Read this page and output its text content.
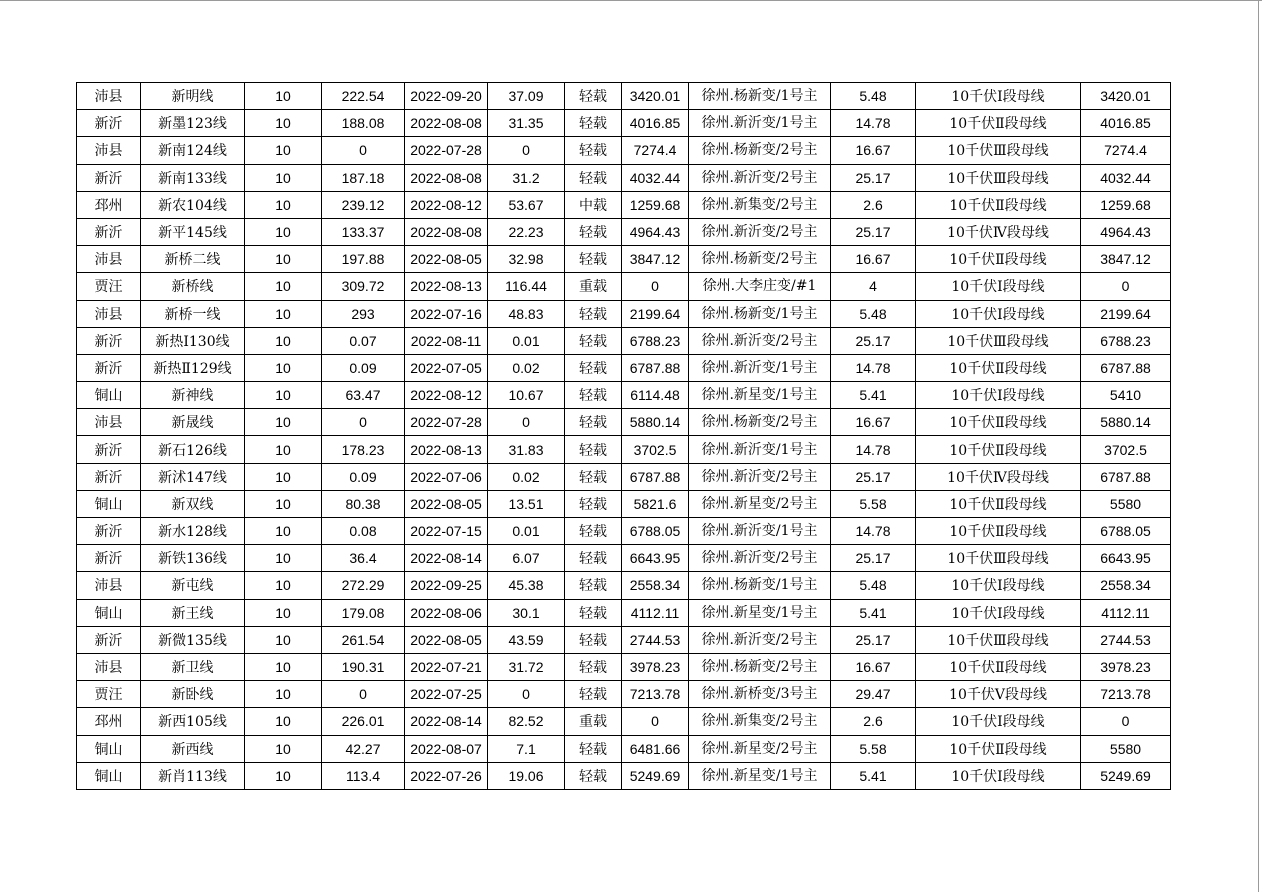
沛县	新明线	10	222.54	2022-09-20	37.09	轻载	3420.01	徐州.杨新变/1号主	5.48	10千伏Ⅰ段母线	3420.01
新沂	新墨123线	10	188.08	2022-08-08	31.35	轻载	4016.85	徐州.新沂变/1号主	14.78	10千伏Ⅱ段母线	4016.85
沛县	新南124线	10	0	2022-07-28	0	轻载	7274.4	徐州.杨新变/2号主	16.67	10千伏Ⅲ段母线	7274.4
新沂	新南133线	10	187.18	2022-08-08	31.2	轻载	4032.44	徐州.新沂变/2号主	25.17	10千伏Ⅲ段母线	4032.44
邳州	新农104线	10	239.12	2022-08-12	53.67	中载	1259.68	徐州.新集变/2号主	2.6	10千伏Ⅱ段母线	1259.68
新沂	新平145线	10	133.37	2022-08-08	22.23	轻载	4964.43	徐州.新沂变/2号主	25.17	10千伏Ⅳ段母线	4964.43
沛县	新桥二线	10	197.88	2022-08-05	32.98	轻载	3847.12	徐州.杨新变/2号主	16.67	10千伏Ⅱ段母线	3847.12
贾汪	新桥线	10	309.72	2022-08-13	116.44	重载	0	徐州.大李庄变/#1	4	10千伏Ⅰ段母线	0
沛县	新桥一线	10	293	2022-07-16	48.83	轻载	2199.64	徐州.杨新变/1号主	5.48	10千伏Ⅰ段母线	2199.64
新沂	新热Ⅰ130线	10	0.07	2022-08-11	0.01	轻载	6788.23	徐州.新沂变/2号主	25.17	10千伏Ⅲ段母线	6788.23
新沂	新热Ⅱ129线	10	0.09	2022-07-05	0.02	轻载	6787.88	徐州.新沂变/1号主	14.78	10千伏Ⅱ段母线	6787.88
铜山	新神线	10	63.47	2022-08-12	10.67	轻载	6114.48	徐州.新星变/1号主	5.41	10千伏Ⅰ段母线	5410
沛县	新晟线	10	0	2022-07-28	0	轻载	5880.14	徐州.杨新变/2号主	16.67	10千伏Ⅱ段母线	5880.14
新沂	新石126线	10	178.23	2022-08-13	31.83	轻载	3702.5	徐州.新沂变/1号主	14.78	10千伏Ⅱ段母线	3702.5
新沂	新沭147线	10	0.09	2022-07-06	0.02	轻载	6787.88	徐州.新沂变/2号主	25.17	10千伏Ⅳ段母线	6787.88
铜山	新双线	10	80.38	2022-08-05	13.51	轻载	5821.6	徐州.新星变/2号主	5.58	10千伏Ⅱ段母线	5580
新沂	新水128线	10	0.08	2022-07-15	0.01	轻载	6788.05	徐州.新沂变/1号主	14.78	10千伏Ⅱ段母线	6788.05
新沂	新铁136线	10	36.4	2022-08-14	6.07	轻载	6643.95	徐州.新沂变/2号主	25.17	10千伏Ⅲ段母线	6643.95
沛县	新屯线	10	272.29	2022-09-25	45.38	轻载	2558.34	徐州.杨新变/1号主	5.48	10千伏Ⅰ段母线	2558.34
铜山	新王线	10	179.08	2022-08-06	30.1	轻载	4112.11	徐州.新星变/1号主	5.41	10千伏Ⅰ段母线	4112.11
新沂	新微135线	10	261.54	2022-08-05	43.59	轻载	2744.53	徐州.新沂变/2号主	25.17	10千伏Ⅲ段母线	2744.53
沛县	新卫线	10	190.31	2022-07-21	31.72	轻载	3978.23	徐州.杨新变/2号主	16.67	10千伏Ⅱ段母线	3978.23
贾汪	新卧线	10	0	2022-07-25	0	轻载	7213.78	徐州.新桥变/3号主	29.47	10千伏Ⅴ段母线	7213.78
邳州	新西105线	10	226.01	2022-08-14	82.52	重载	0	徐州.新集变/2号主	2.6	10千伏Ⅰ段母线	0
铜山	新西线	10	42.27	2022-08-07	7.1	轻载	6481.66	徐州.新星变/2号主	5.58	10千伏Ⅱ段母线	5580
铜山	新肖113线	10	113.4	2022-07-26	19.06	轻载	5249.69	徐州.新星变/1号主	5.41	10千伏Ⅰ段母线	5249.69
